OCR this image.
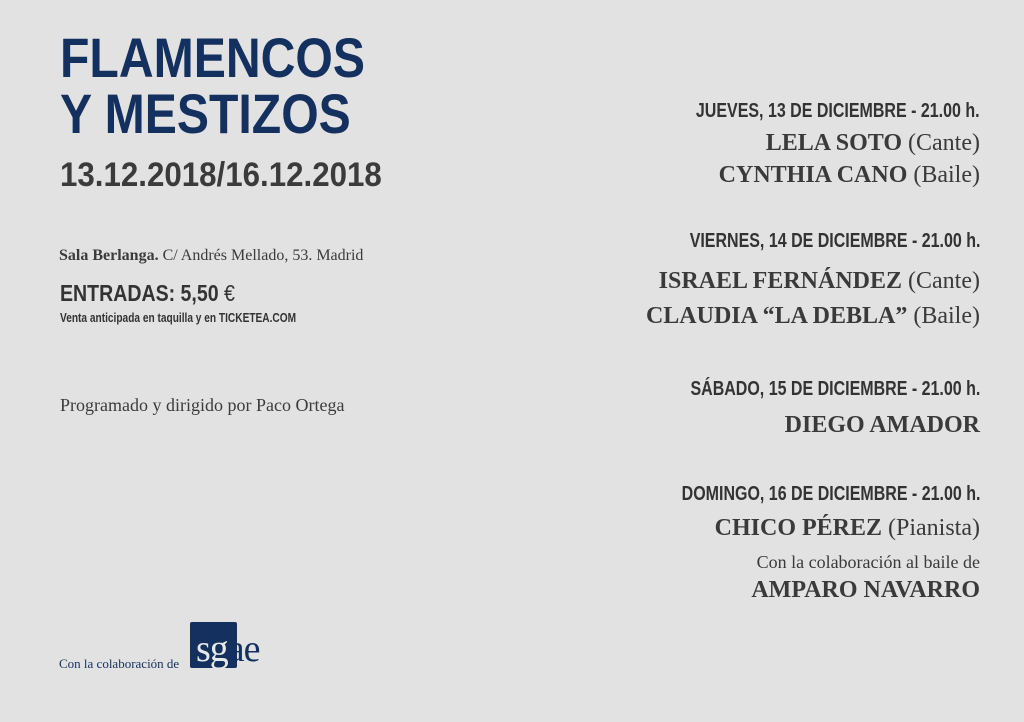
FLAMENCOS
Y MESTIZOS
13.12.2018/16.12.2018
Sala Berlanga. C/ Andrés Mellado, 53. Madrid
ENTRADAS: 5,50 €
Venta anticipada en taquilla y en TICKETEA.COM
Programado y dirigido por Paco Ortega
Con la colaboración de sgae
JUEVES, 13 DE DICIEMBRE - 21.00 h.
LELA SOTO (Cante)
CYNTHIA CANO (Baile)
VIERNES, 14 DE DICIEMBRE - 21.00 h.
ISRAEL FERNÁNDEZ (Cante)
CLAUDIA “LA DEBLA” (Baile)
SÁBADO, 15 DE DICIEMBRE - 21.00 h.
DIEGO AMADOR
DOMINGO, 16 DE DICIEMBRE - 21.00 h.
CHICO PÉREZ (Pianista)
Con la colaboración al baile de
AMPARO NAVARRO
